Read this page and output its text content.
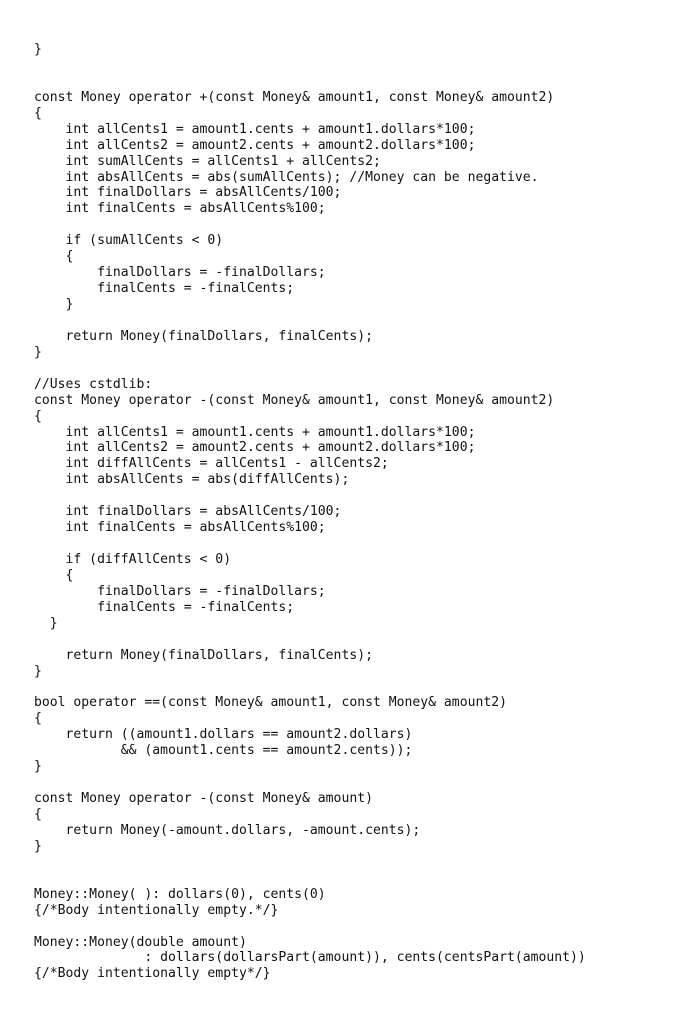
}
const Money operator +(const Money& amount1, const Money& amount2)
{
int allCents1 = amount1.cents + amount1.dollars*100;
int allCents2 = amount2.cents + amount2.dollars*100;
int sumAllCents = allCents1 + allCents2;
int absAllCents = abs(sumAllCents); //Money can be negative.
int finalDollars = absAllCents/100;
int finalCents = absAllCents%100;
if (sumAllCents < 0)
{
finalDollars = -finalDollars;
finalCents = -finalCents;
}
return Money(finalDollars, finalCents);
}
//Uses cstdlib:
const Money operator -(const Money& amount1, const Money& amount2)
{
int allCents1 = amount1.cents + amount1.dollars*100;
int allCents2 = amount2.cents + amount2.dollars*100;
int diffAllCents = allCents1 - allCents2;
int absAllCents = abs(diffAllCents);
int finalDollars = absAllCents/100;
int finalCents = absAllCents%100;
if (diffAllCents < 0)
{
finalDollars = -finalDollars;
finalCents = -finalCents;
}
return Money(finalDollars, finalCents);
}
bool operator ==(const Money& amount1, const Money& amount2)
{
return ((amount1.dollars == amount2.dollars)
&& (amount1.cents == amount2.cents));
}
const Money operator -(const Money& amount)
{
return Money(-amount.dollars, -amount.cents);
}
Money::Money( ): dollars(0), cents(0)
{/*Body intentionally empty.*/}
Money::Money(double amount)
: dollars(dollarsPart(amount)), cents(centsPart(amount))
{/*Body intentionally empty*/}
